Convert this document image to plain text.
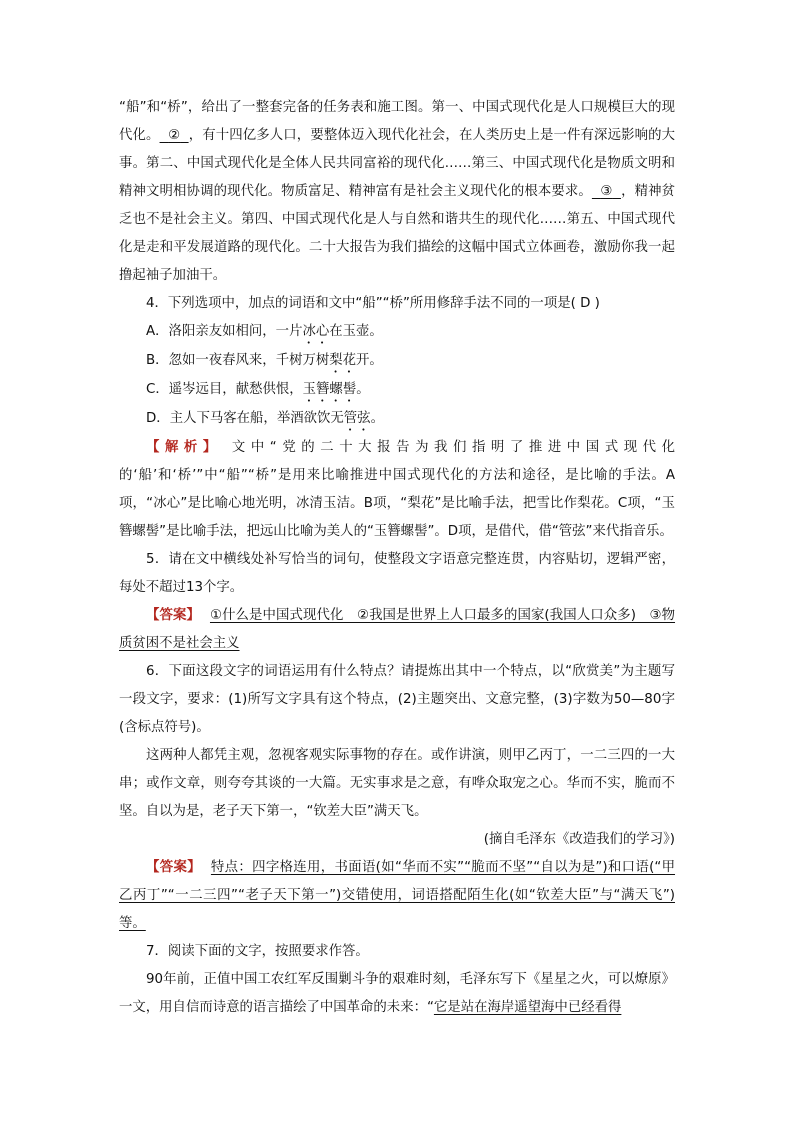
“船”和“桥”，给出了一整套完备的任务表和施工图。第一、中国式现代化是人口规模巨大的现代化。 ② ，有十四亿多人口，要整体迈入现代化社会，在人类历史上是一件有深远影响的大事。第二、中国式现代化是全体人民共同富裕的现代化……第三、中国式现代化是物质文明和精神文明相协调的现代化。物质富足、精神富有是社会主义现代化的根本要求。 ③ ，精神贫乏也不是社会主义。第四、中国式现代化是人与自然和谐共生的现代化……第五、中国式现代化是走和平发展道路的现代化。二十大报告为我们描绘的这幅中国式立体画卷，激励你我一起撸起袖子加油干。

4．下列选项中，加点的词语和文中“船”“桥”所用修辞手法不同的一项是( D )

A．洛阳亲友如相问，一片冰心在玉壶。

B．忽如一夜春风来，千树万树梨花开。

C．遥岑远目，献愁供恨，玉簪螺髻。

D．主人下马客在船，举酒欲饮无管弦。

【解析】 文中“党的二十大报告为我们指明了推进中国式现代化的‘船’和‘桥’”中“船”“桥”是用来比喻推进中国式现代化的方法和途径，是比喻的手法。A项，“冰心”是比喻心地光明，冰清玉洁。B项，“梨花”是比喻手法，把雪比作梨花。C项，“玉簪螺髻”是比喻手法，把远山比喻为美人的“玉簪螺髻”。D项，是借代，借“管弦”来代指音乐。

5．请在文中横线处补写恰当的词句，使整段文字语意完整连贯，内容贴切，逻辑严密，每处不超过13个字。

【答案】 ①什么是中国式现代化　②我国是世界上人口最多的国家(我国人口众多)　③物质贫困不是社会主义

6．下面这段文字的词语运用有什么特点？请提炼出其中一个特点，以“欣赏美”为主题写一段文字，要求：(1)所写文字具有这个特点，(2)主题突出、文意完整，(3)字数为50—80字(含标点符号)。

这两种人都凭主观，忽视客观实际事物的存在。或作讲演，则甲乙丙丁，一二三四的一大串；或作文章，则夸夸其谈的一大篇。无实事求是之意，有哗众取宠之心。华而不实，脆而不坚。自以为是，老子天下第一，“钦差大臣”满天飞。

(摘自毛泽东《改造我们的学习》)

【答案】 特点：四字格连用，书面语(如“华而不实”“脆而不坚”“自以为是”)和口语(“甲乙丙丁”“一二三四”“老子天下第一”)交错使用，词语搭配陌生化(如“钦差大臣”与“满天飞”)等。

7．阅读下面的文字，按照要求作答。

90年前，正值中国工农红军反围剿斗争的艰难时刻，毛泽东写下《星星之火，可以燎原》一文，用自信而诗意的语言描绘了中国革命的未来：“它是站在海岸遥望海中已经看得
